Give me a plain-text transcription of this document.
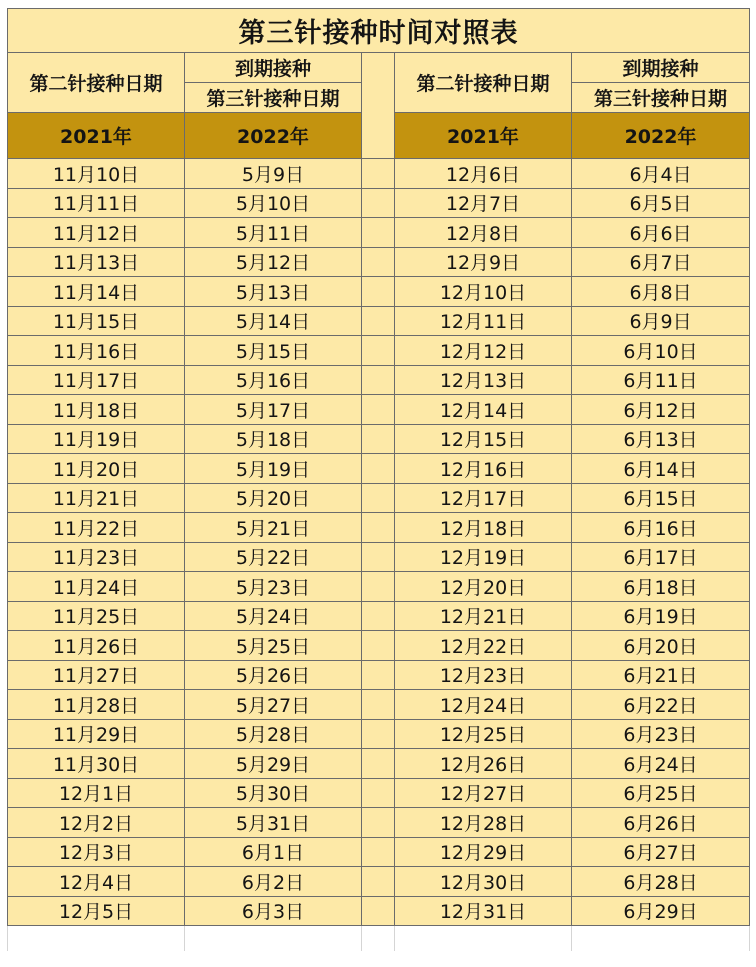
第三针接种时间对照表				
第二针接种日期	到期接种		第二针接种日期	到期接种
	第三针接种日期			第三针接种日期
2021年	2022年		2021年	2022年
11月10日	5月9日		12月6日	6月4日
11月11日	5月10日		12月7日	6月5日
11月12日	5月11日		12月8日	6月6日
11月13日	5月12日		12月9日	6月7日
11月14日	5月13日		12月10日	6月8日
11月15日	5月14日		12月11日	6月9日
11月16日	5月15日		12月12日	6月10日
11月17日	5月16日		12月13日	6月11日
11月18日	5月17日		12月14日	6月12日
11月19日	5月18日		12月15日	6月13日
11月20日	5月19日		12月16日	6月14日
11月21日	5月20日		12月17日	6月15日
11月22日	5月21日		12月18日	6月16日
11月23日	5月22日		12月19日	6月17日
11月24日	5月23日		12月20日	6月18日
11月25日	5月24日		12月21日	6月19日
11月26日	5月25日		12月22日	6月20日
11月27日	5月26日		12月23日	6月21日
11月28日	5月27日		12月24日	6月22日
11月29日	5月28日		12月25日	6月23日
11月30日	5月29日		12月26日	6月24日
12月1日	5月30日		12月27日	6月25日
12月2日	5月31日		12月28日	6月26日
12月3日	6月1日		12月29日	6月27日
12月4日	6月2日		12月30日	6月28日
12月5日	6月3日		12月31日	6月29日
